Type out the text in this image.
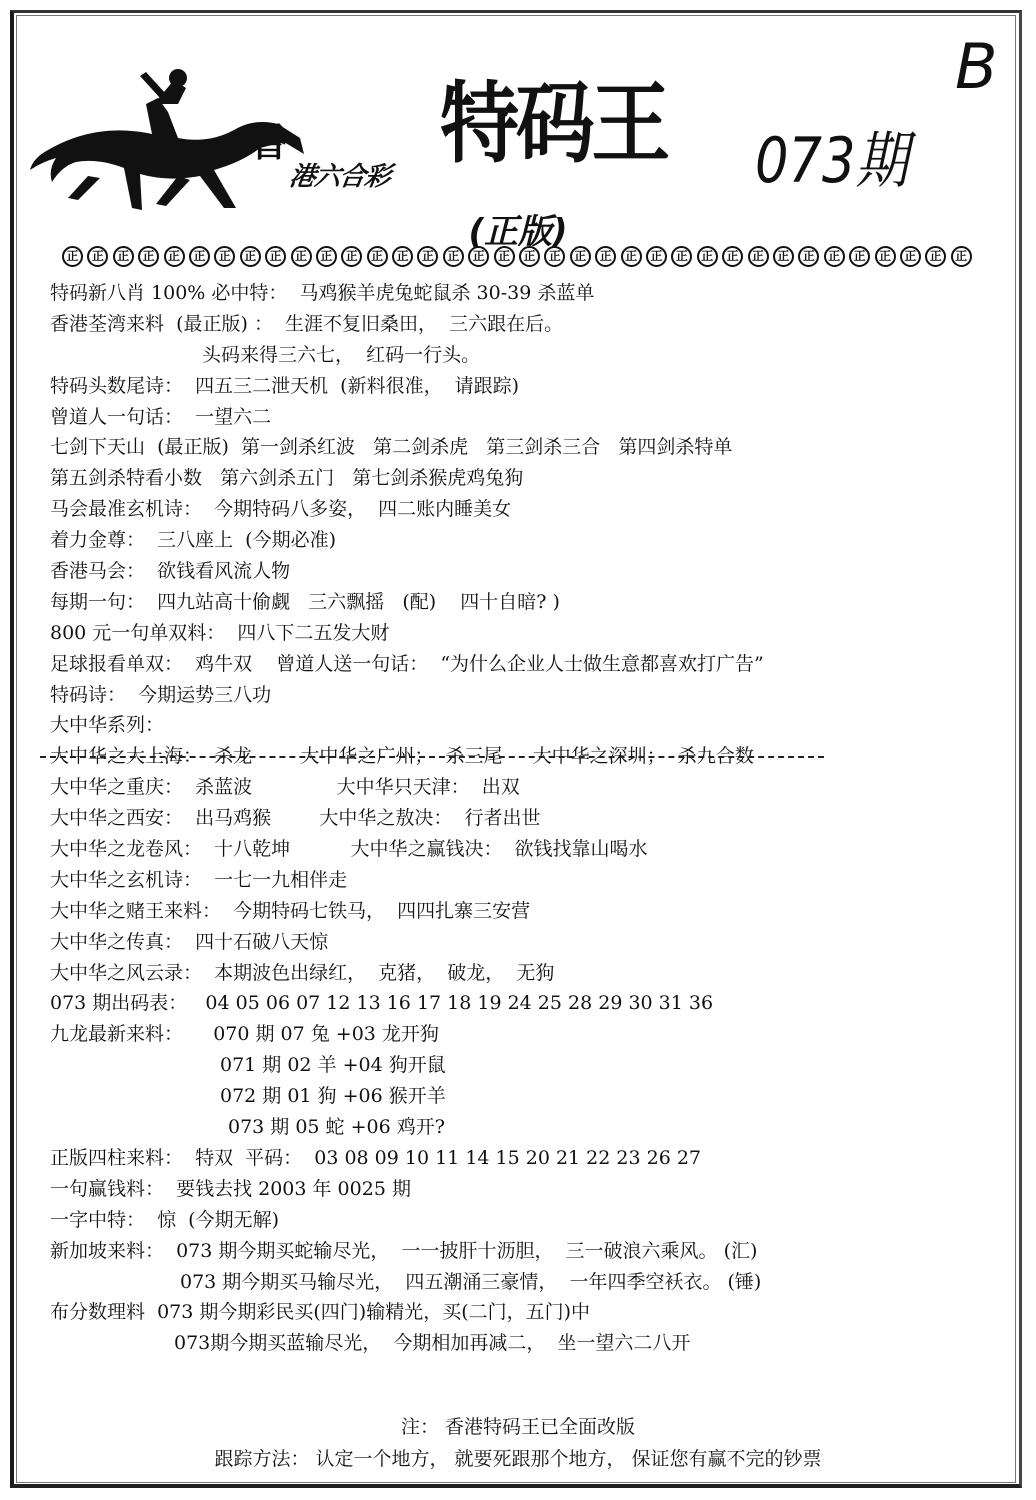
香
港六合彩
特码王
B
073期
(正版)
正	正	正	正	正	正	正	正	正	正	正	正	正	正	正	正	正	正	正	正	正	正	正	正	正	正	正	正	正	正	正	正	正	正	正	正
特码新八肖 100% 必中特：  马鸡猴羊虎兔蛇鼠杀 30-39 杀蓝单
香港荃湾来料  (最正版) ：  生涯不复旧桑田，  三六跟在后。
头码来得三六七，  红码一行头。
特码头数尾诗：  四五三二泄天机  (新料很准，  请跟踪)
曾道人一句话：  一望六二
七剑下天山  (最正版)  第一剑杀红波   第二剑杀虎   第三剑杀三合   第四剑杀特单
第五剑杀特看小数   第六剑杀五门   第七剑杀猴虎鸡兔狗
马会最准玄机诗：  今期特码八多姿，  四二账内睡美女
着力金尊：  三八座上  (今期必准)
香港马会：  欲钱看风流人物
每期一句：  四九站高十偷觑   三六飘摇   (配)    四十自暗? )
800 元一句单双料：  四八下二五发大财
足球报看单双：  鸡牛双    曾道人送一句话：  “为什么企业人士做生意都喜欢打广告”
特码诗：  今期运势三八功
大中华系列：
大中华之大上海：  杀龙        大中华之广州；  杀三尾     大中华之深圳；  杀九合数
大中华之重庆：  杀蓝波              大中华只天津：  出双
大中华之西安：  出马鸡猴        大中华之敖决：  行者出世
大中华之龙卷风：  十八乾坤          大中华之赢钱决：  欲钱找靠山喝水
大中华之玄机诗：  一七一九相伴走
大中华之赌王来料：  今期特码七铁马，  四四扎寨三安营
大中华之传真：  四十石破八天惊
大中华之风云录：  本期波色出绿红，  克猪，  破龙，  无狗
073 期出码表：   04 05 06 07 12 13 16 17 18 19 24 25 28 29 30 31 36
九龙最新来料：     070 期 07 兔 +03 龙开狗
071 期 02 羊 +04 狗开鼠
072 期 01 狗 +06 猴开羊
073 期 05 蛇 +06 鸡开?
正版四柱来料：  特双  平码：  03 08 09 10 11 14 15 20 21 22 23 26 27
一句赢钱料：  要钱去找 2003 年 0025 期
一字中特：  惊  (今期无解)
新加坡来料：  073 期今期买蛇输尽光，  一一披肝十沥胆，  三一破浪六乘风。 (汇)
073 期今期买马输尽光，  四五潮涌三豪情，  一年四季空袄衣。 (锤)
布分数理料  073 期今期彩民买(四门)输精光，买(二门，五门)中
073期今期买蓝输尽光，  今期相加再减二，  坐一望六二八开
注： 香港特码王已全面改版
跟踪方法： 认定一个地方， 就要死跟那个地方， 保证您有赢不完的钞票
